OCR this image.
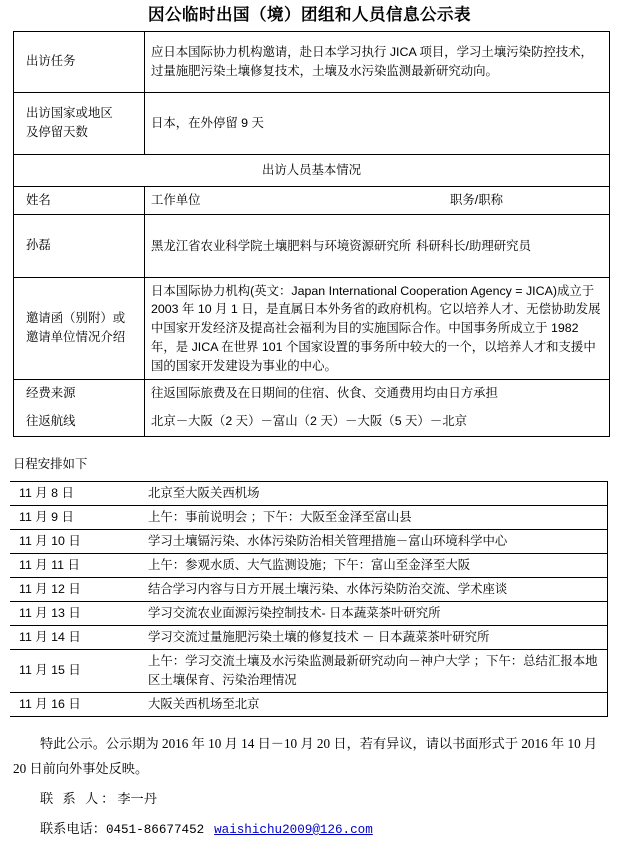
因公临时出国（境）团组和人员信息公示表
出访任务	应日本国际协力机构邀请，赴日本学习执行 JICA 项目，学习土壤污染防控技术，过量施肥污染土壤修复技术，土壤及水污染监测最新研究动向。

出访国家或地区
及停留天数	日本，在外停留 9 天
出访人员基本情况	
姓名	工作单位 职务/职称
孙磊	黑龙江省农业科学院土壤肥料与环境资源研究所 科研科长/助理研究员

邀请函（别附）或
邀请单位情况介绍	日本国际协力机构(英文：Japan International Cooperation Agency = JICA)成立于 2003 年 10 月 1 日，是直属日本外务省的政府机构。它以培养人才、无偿协助发展中国家开发经济及提高社会福利为目的实施国际合作。中国事务所成立于 1982 年，是 JICA 在世界 101 个国家设置的事务所中较大的一个，以培养人才和支援中国的国家开发建设为事业的中心。
经费来源	往返国际旅费及在日期间的住宿、伙食、交通费用均由日方承担
往返航线	北京－大阪（2 天）－富山（2 天）－大阪（5 天）－北京
日程安排如下
11 月 8 日	北京至大阪关西机场
11 月 9 日	上午：事前说明会 ；下午：大阪至金泽至富山县
11 月 10 日	学习土壤镉污染、水体污染防治相关管理措施－富山环境科学中心
11 月 11 日	上午：参观水质、大气监测设施；下午：富山至金泽至大阪
11 月 12 日	结合学习内容与日方开展土壤污染、水体污染防治交流、学术座谈
11 月 13 日	学习交流农业面源污染控制技术- 日本蔬菜茶叶研究所
11 月 14 日	学习交流过量施肥污染土壤的修复技术 － 日本蔬菜茶叶研究所
11 月 15 日	上午：学习交流土壤及水污染监测最新研究动向－神户大学 ；下午：总结汇报本地区土壤保育、污染治理情况
11 月 16 日	大阪关西机场至北京

特此公示。公示期为 2016 年 10 月 14 日－10 月 20 日，若有异议，请以书面形式于 2016 年 10 月 20 日前向外事处反映。

联 系 人：李一丹

联系电话：0451-86677452 waishichu2009@126.com
